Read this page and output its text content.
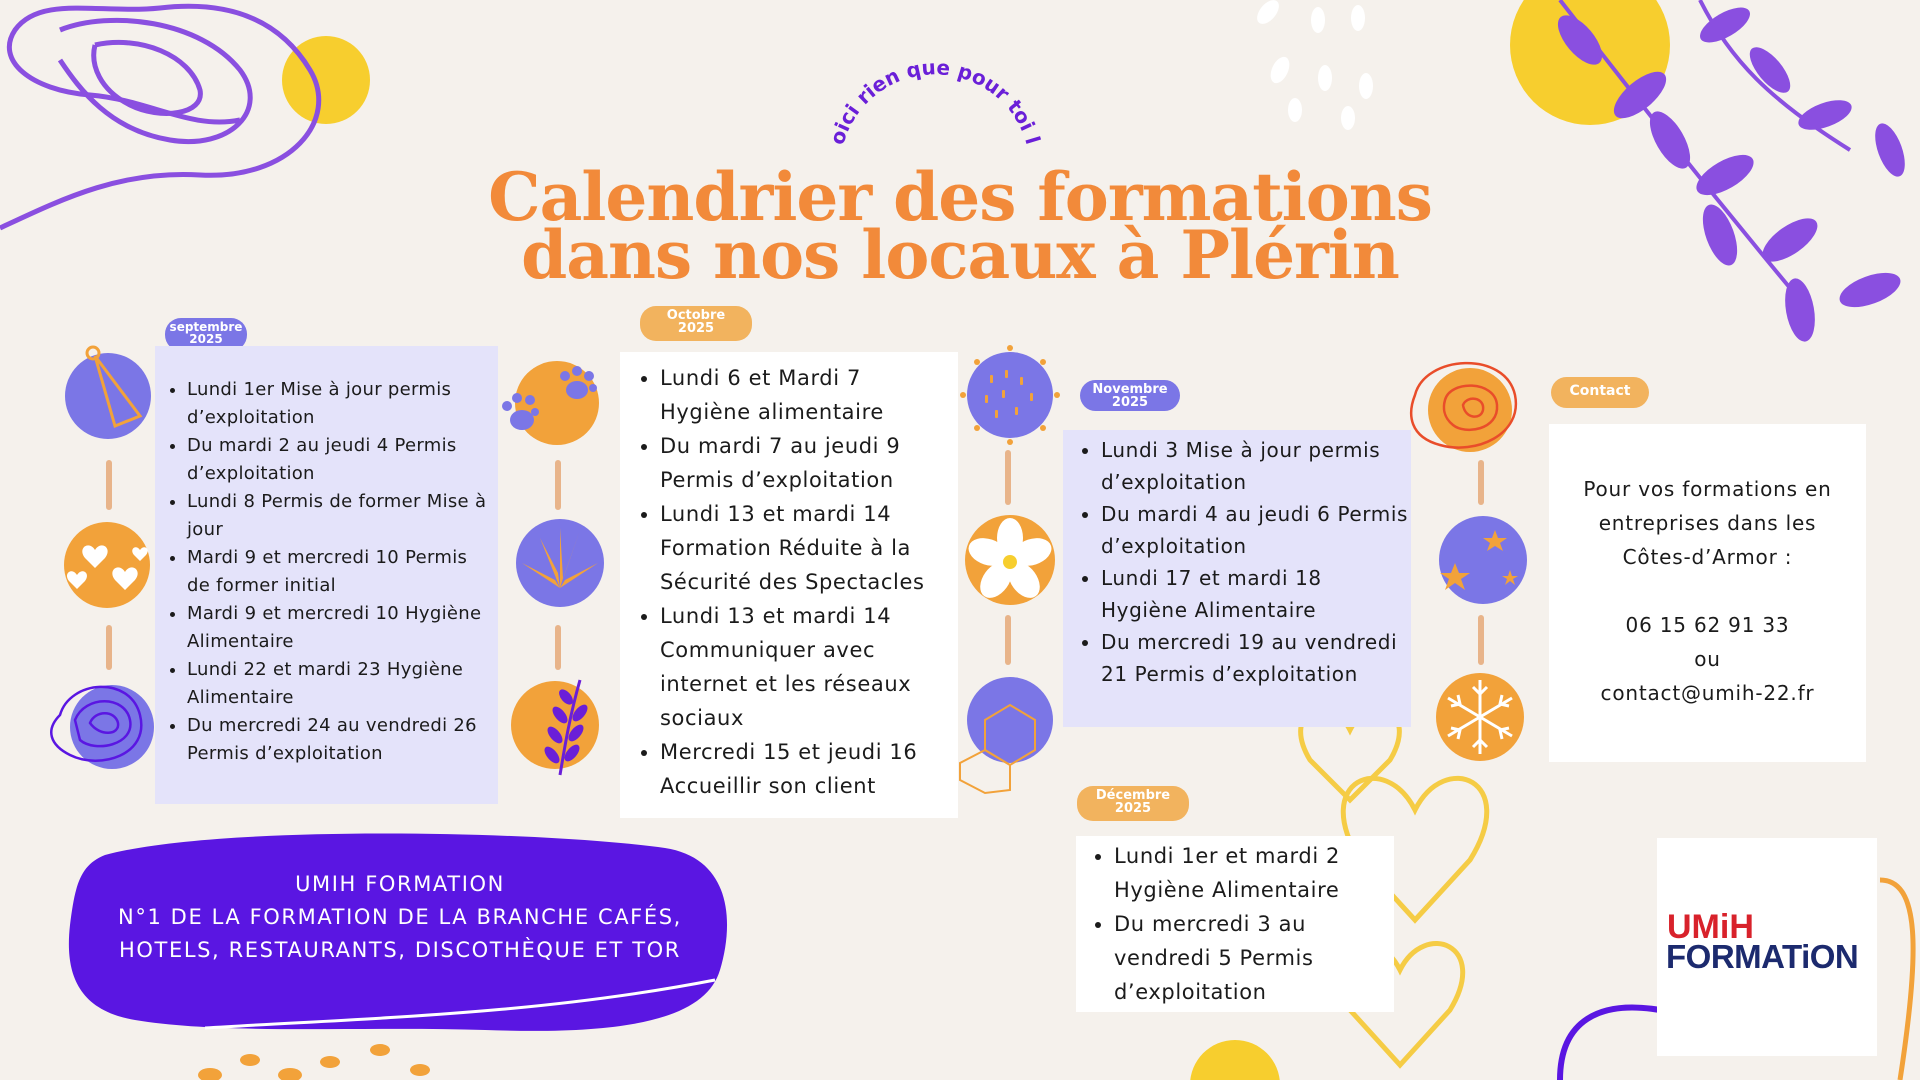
voici rien que pour toi le
Calendrier des formations
dans nos locaux à Plérin
septembre
2025
Octobre
2025
Novembre
2025
Décembre
2025
Contact
• Lundi 1er Mise à jour permis d’exploitation
• Du mardi 2 au jeudi 4 Permis d’exploitation
• Lundi 8 Permis de former Mise à jour
• Mardi 9 et mercredi 10 Permis de former initial
• Mardi 9 et mercredi 10 Hygiène Alimentaire
• Lundi 22 et mardi 23 Hygiène Alimentaire
• Du mercredi 24 au vendredi 26 Permis d’exploitation
• Lundi 6 et Mardi 7 Hygiène alimentaire
• Du mardi 7 au jeudi 9 Permis d’exploitation
• Lundi 13 et mardi 14 Formation Réduite à la Sécurité des Spectacles
• Lundi 13 et mardi 14 Communiquer avec internet et les réseaux sociaux
• Mercredi 15 et jeudi 16 Accueillir son client
• Lundi 3 Mise à jour permis d’exploitation
• Du mardi 4 au jeudi 6 Permis d’exploitation
• Lundi 17 et mardi 18 Hygiène Alimentaire
• Du mercredi 19 au vendredi 21 Permis d’exploitation
• Lundi 1er et mardi 2 Hygiène Alimentaire
• Du mercredi 3 au vendredi 5 Permis d’exploitation
Pour vos formations en
entreprises dans les
Côtes-d’Armor :
06 15 62 91 33
ou
contact@umih-22.fr
UMIH FORMATION
N°1 DE LA FORMATION DE LA BRANCHE CAFÉS,
HOTELS, RESTAURANTS, DISCOTHÈQUE ET TOR
UMiH
FORMATiON
